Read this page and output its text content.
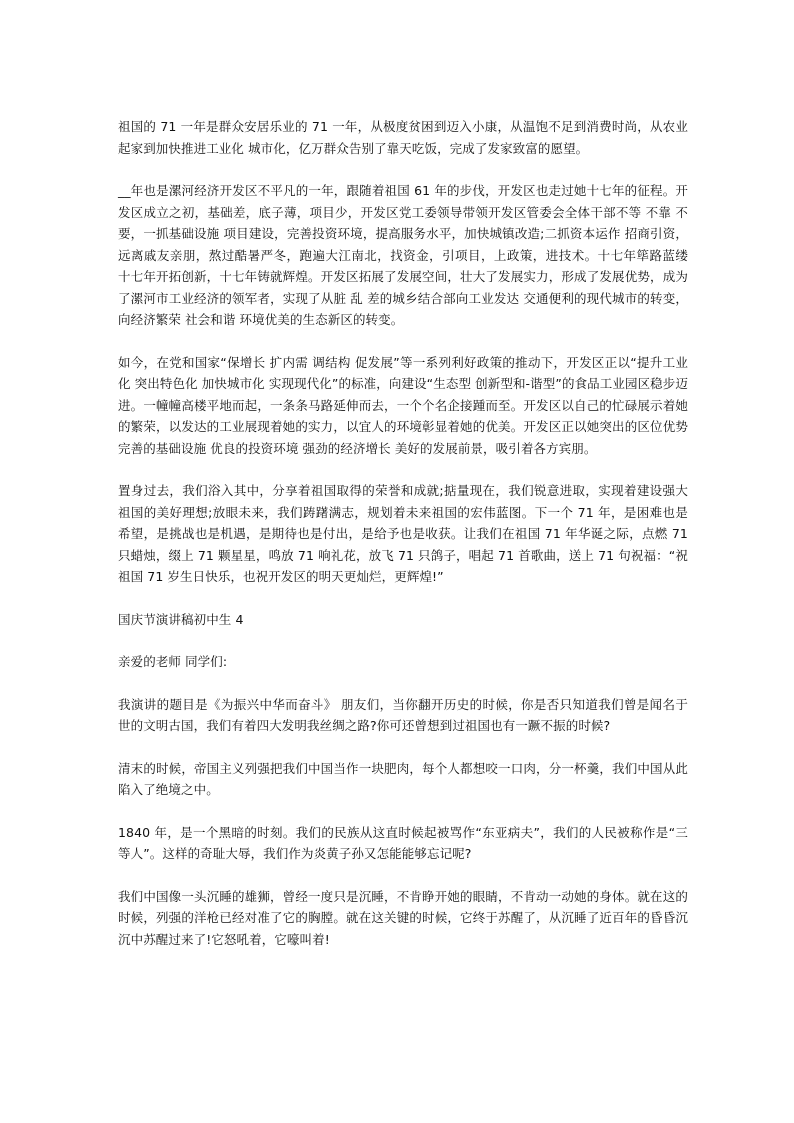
祖国的 71 一年是群众安居乐业的 71 一年，从极度贫困到迈入小康，从温饱不足到消费时尚，从农业起家到加快推进工业化 城市化，亿万群众告别了靠天吃饭，完成了发家致富的愿望。

__年也是漯河经济开发区不平凡的一年，跟随着祖国 61 年的步伐，开发区也走过她十七年的征程。开发区成立之初，基础差，底子薄，项目少，开发区党工委领导带领开发区管委会全体干部不等 不靠 不要，一抓基础设施 项目建设，完善投资环境，提高服务水平，加快城镇改造;二抓资本运作 招商引资，远离戚友亲朋，熬过酷暑严冬，跑遍大江南北，找资金，引项目，上政策，进技术。十七年筚路蓝缕 十七年开拓创新，十七年铸就辉煌。开发区拓展了发展空间，壮大了发展实力，形成了发展优势，成为了漯河市工业经济的领军者，实现了从脏 乱 差的城乡结合部向工业发达 交通便利的现代城市的转变，向经济繁荣 社会和谐 环境优美的生态新区的转变。

如今，在党和国家“保增长 扩内需 调结构 促发展”等一系列利好政策的推动下，开发区正以“提升工业化 突出特色化 加快城市化 实现现代化”的标准，向建设“生态型 创新型和-谐型”的食品工业园区稳步迈进。一幢幢高楼平地而起，一条条马路延伸而去，一个个名企接踵而至。开发区以自己的忙碌展示着她的繁荣，以发达的工业展现着她的实力，以宜人的环境彰显着她的优美。开发区正以她突出的区位优势 完善的基础设施 优良的投资环境 强劲的经济增长 美好的发展前景，吸引着各方宾朋。

置身过去，我们浴入其中，分享着祖国取得的荣誉和成就;掂量现在，我们锐意进取，实现着建设强大祖国的美好理想;放眼未来，我们踌躇满志，规划着未来祖国的宏伟蓝图。下一个 71 年，是困难也是希望，是挑战也是机遇，是期待也是付出，是给予也是收获。让我们在祖国 71 年华诞之际，点燃 71 只蜡烛，缀上 71 颗星星，鸣放 71 响礼花，放飞 71 只鸽子，唱起 71 首歌曲，送上 71 句祝福：“祝祖国 71 岁生日快乐，也祝开发区的明天更灿烂，更辉煌!”

国庆节演讲稿初中生 4

亲爱的老师 同学们:

我演讲的题目是《为振兴中华而奋斗》 朋友们，当你翻开历史的时候，你是否只知道我们曾是闻名于世的文明古国，我们有着四大发明我丝绸之路?你可还曾想到过祖国也有一蹶不振的时候?

清末的时候，帝国主义列强把我们中国当作一块肥肉，每个人都想咬一口肉，分一杯羹，我们中国从此陷入了绝境之中。

1840 年，是一个黑暗的时刻。我们的民族从这直时候起被骂作“东亚病夫”，我们的人民被称作是“三等人”。这样的奇耻大辱，我们作为炎黄子孙又怎能能够忘记呢?

我们中国像一头沉睡的雄狮，曾经一度只是沉睡，不肯睁开她的眼睛，不肯动一动她的身体。就在这的时候，列强的洋枪已经对准了它的胸膛。就在这关键的时候，它终于苏醒了，从沉睡了近百年的昏昏沉沉中苏醒过来了!它怒吼着，它嚎叫着!
